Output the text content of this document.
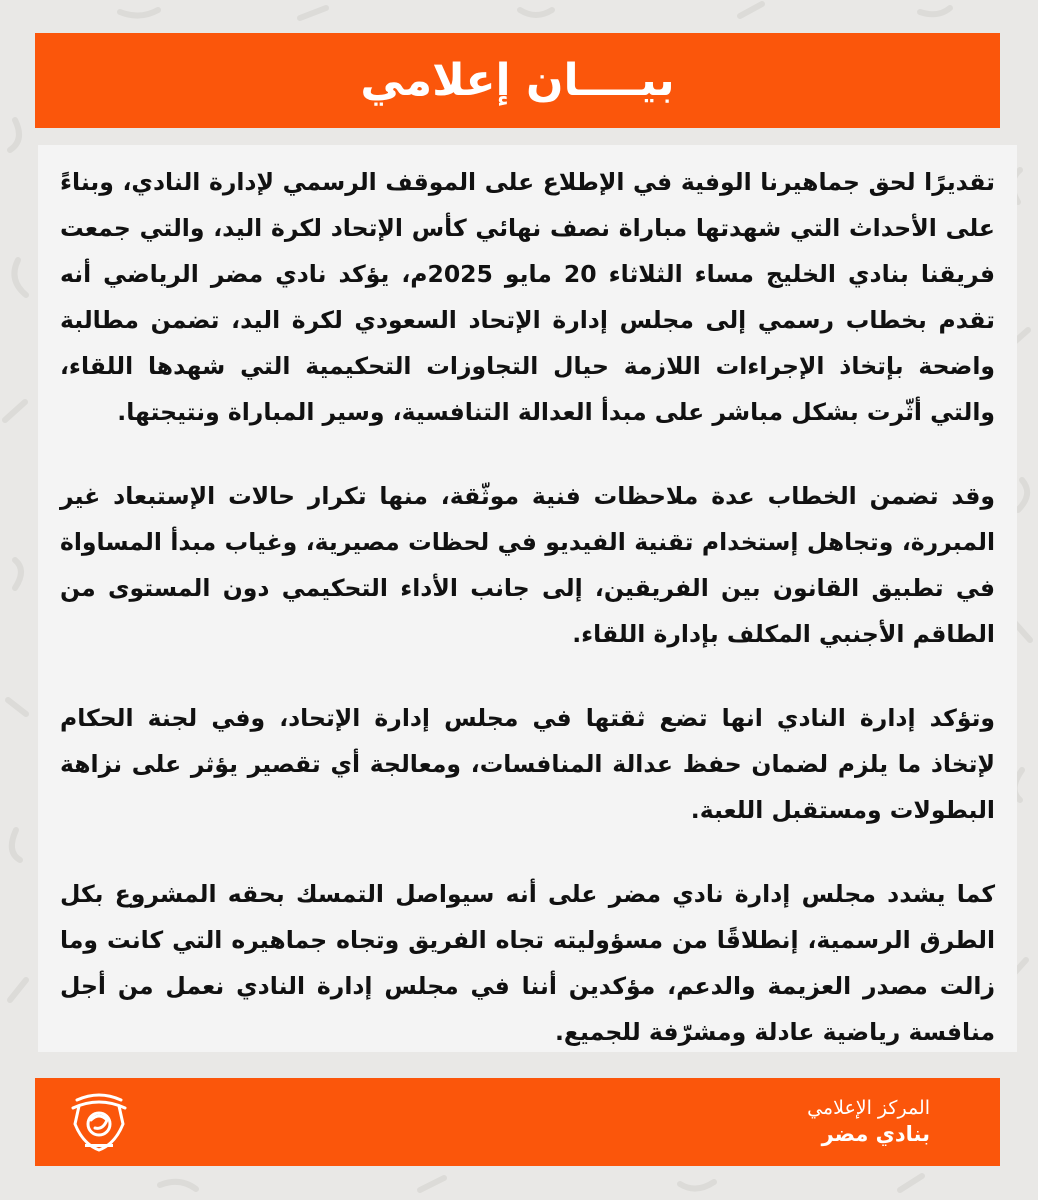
بيــــان إعلامي

تقديرًا لحق جماهيرنا الوفية في الإطلاع على الموقف الرسمي لإدارة النادي، وبناءً على الأحداث التي شهدتها مباراة نصف نهائي كأس الإتحاد لكرة اليد، والتي جمعت فريقنا بنادي الخليج مساء الثلاثاء 20 مايو 2025م، يؤكد نادي مضر الرياضي أنه تقدم بخطاب رسمي إلى مجلس إدارة الإتحاد السعودي لكرة اليد، تضمن مطالبة واضحة بإتخاذ الإجراءات اللازمة حيال التجاوزات التحكيمية التي شهدها اللقاء، والتي أثّرت بشكل مباشر على مبدأ العدالة التنافسية، وسير المباراة ونتيجتها.

وقد تضمن الخطاب عدة ملاحظات فنية موثّقة، منها تكرار حالات الإستبعاد غير المبررة، وتجاهل إستخدام تقنية الفيديو في لحظات مصيرية، وغياب مبدأ المساواة في تطبيق القانون بين الفريقين، إلى جانب الأداء التحكيمي دون المستوى من الطاقم الأجنبي المكلف بإدارة اللقاء.

وتؤكد إدارة النادي انها تضع ثقتها في مجلس إدارة الإتحاد، وفي لجنة الحكام لإتخاذ ما يلزم لضمان حفظ عدالة المنافسات، ومعالجة أي تقصير يؤثر على نزاهة البطولات ومستقبل اللعبة.

كما يشدد مجلس إدارة نادي مضر على أنه سيواصل التمسك بحقه المشروع بكل الطرق الرسمية، إنطلاقًا من مسؤوليته تجاه الفريق وتجاه جماهيره التي كانت وما زالت مصدر العزيمة والدعم، مؤكدين أننا في مجلس إدارة النادي نعمل من أجل منافسة رياضية عادلة ومشرّفة للجميع.

المركز الإعلامي
بنادي مضر
